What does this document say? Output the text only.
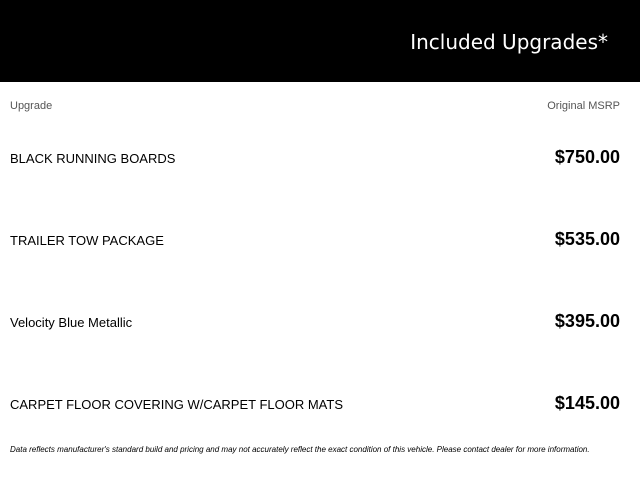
Included Upgrades*
Upgrade	Original MSRP
BLACK RUNNING BOARDS	$750.00
TRAILER TOW PACKAGE	$535.00
Velocity Blue Metallic	$395.00
CARPET FLOOR COVERING W/CARPET FLOOR MATS	$145.00
Data reflects manufacturer's standard build and pricing and may not accurately reflect the exact condition of this vehicle. Please contact dealer for more information.
